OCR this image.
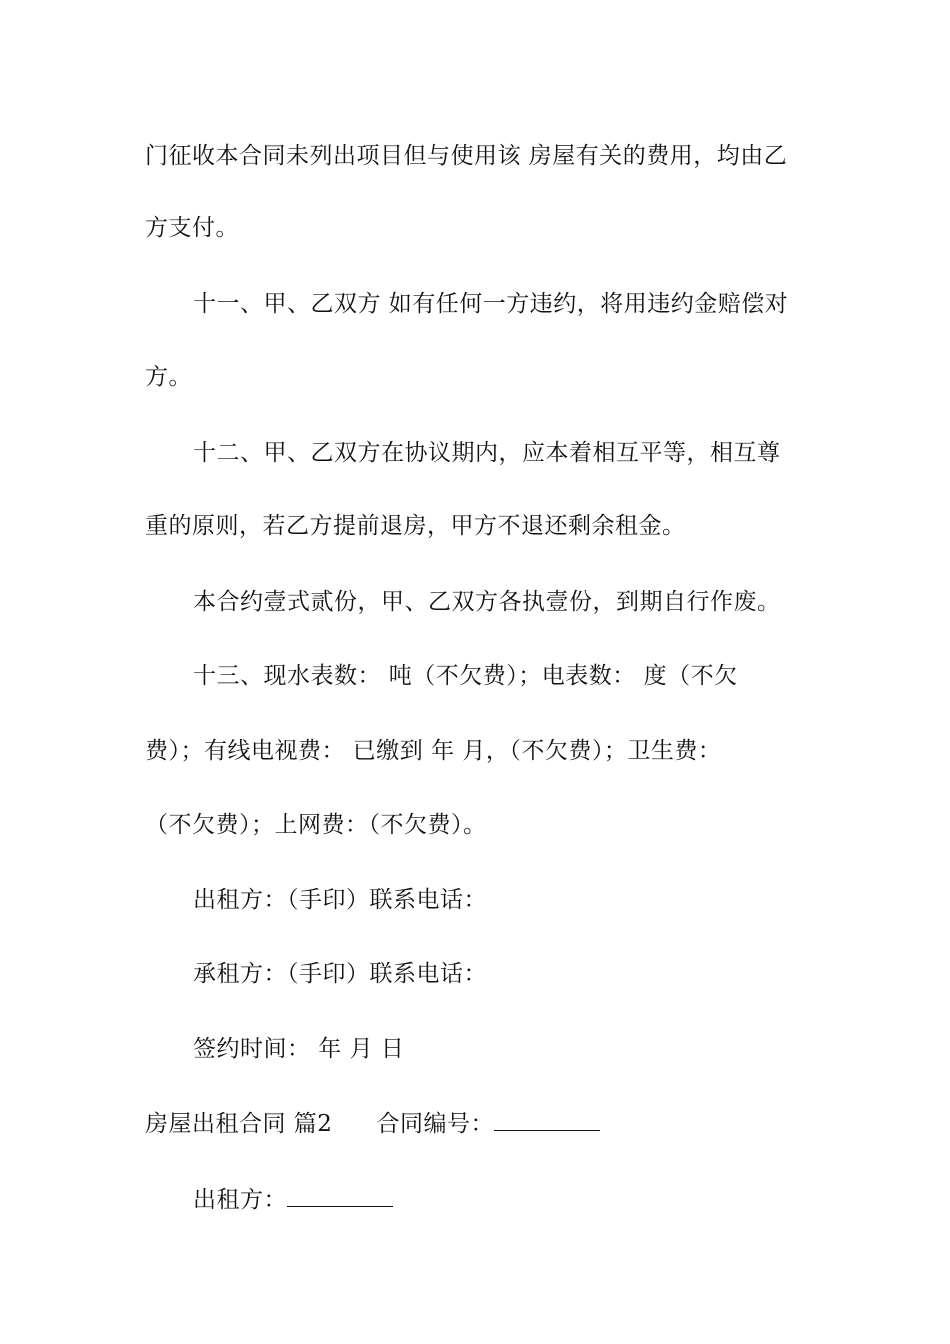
门征收本合同未列出项目但与使用该 房屋有关的费用，均由乙
方支付。
十一、甲、乙双方 如有任何一方违约，将用违约金赔偿对
方。
十二、甲、乙双方在协议期内，应本着相互平等，相互尊
重的原则，若乙方提前退房，甲方不退还剩余租金。
本合约壹式贰份，甲、乙双方各执壹份，到期自行作废。
十三、现水表数： 吨（不欠费）；电表数： 度（不欠
费）；有线电视费： 已缴到 年 月，（不欠费）；卫生费：
（不欠费）；上网费：（不欠费）。
出租方：（手印）联系电话：
承租方：（手印）联系电话：
签约时间： 年 月 日
房屋出租合同 篇2 合同编号：
出租方：
